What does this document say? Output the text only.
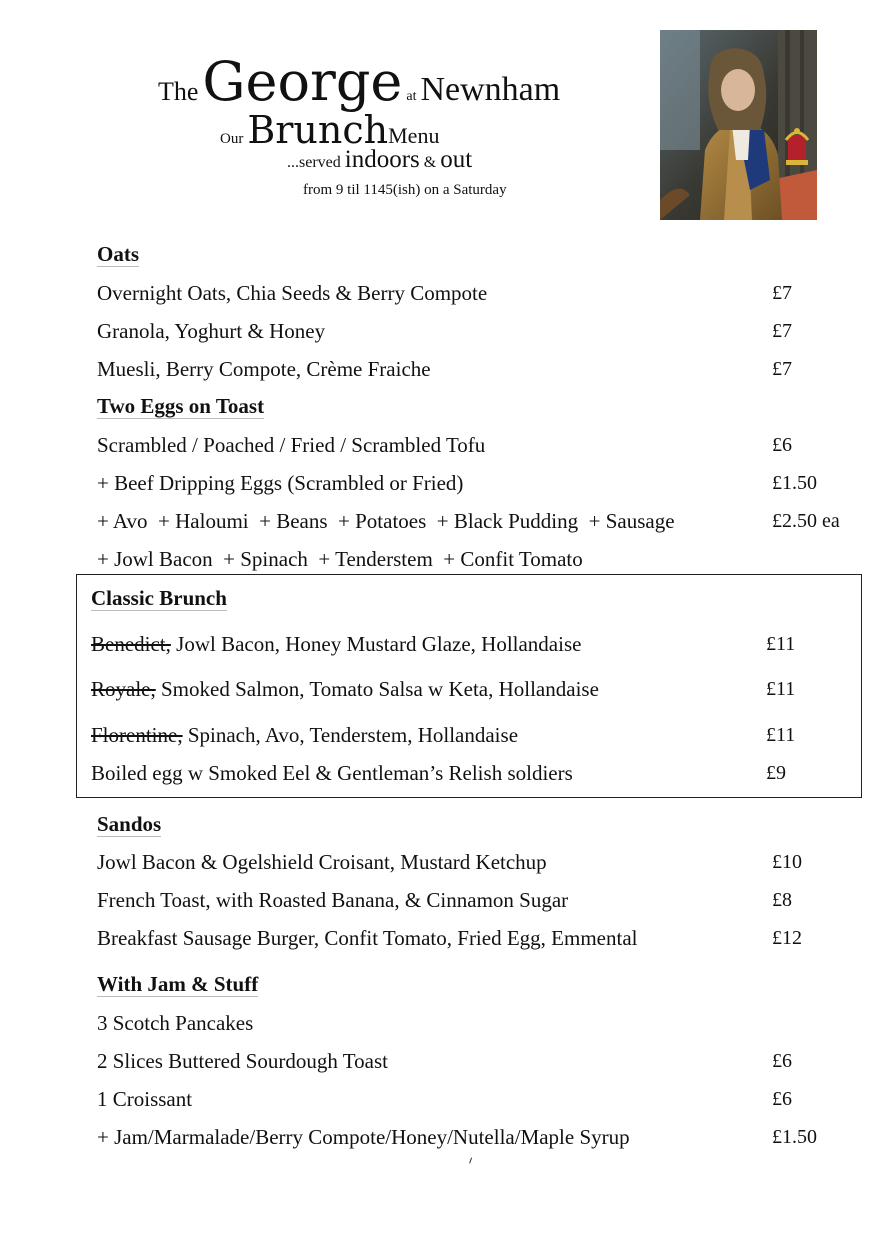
The George at Newnham
Our Brunch Menu
...served indoors & out
from 9 til 1145(ish) on a Saturday
Oats
Overnight Oats, Chia Seeds & Berry Compote	£7
Granola, Yoghurt & Honey	£7
Muesli, Berry Compote, Crème Fraiche	£7
Two Eggs on Toast
Scrambled / Poached / Fried / Scrambled Tofu	£6
+ Beef Dripping Eggs (Scrambled or Fried)	£1.50
+ Avo  + Haloumi  + Beans  + Potatoes  + Black Pudding  + Sausage	£2.50 ea
+ Jowl Bacon  + Spinach  + Tenderstem  + Confit Tomato
Classic Brunch
Benedict, Jowl Bacon, Honey Mustard Glaze, Hollandaise	£11
Royale, Smoked Salmon, Tomato Salsa w Keta, Hollandaise	£11
Florentine, Spinach, Avo, Tenderstem, Hollandaise	£11
Boiled egg w Smoked Eel & Gentleman’s Relish soldiers	£9
Sandos
Jowl Bacon & Ogelshield Croisant, Mustard Ketchup	£10
French Toast, with Roasted Banana, & Cinnamon Sugar	£8
Breakfast Sausage Burger, Confit Tomato, Fried Egg, Emmental	£12
With Jam & Stuff
3 Scotch Pancakes
2 Slices Buttered Sourdough Toast	£6
1 Croissant	£6
+ Jam/Marmalade/Berry Compote/Honey/Nutella/Maple Syrup	£1.50
